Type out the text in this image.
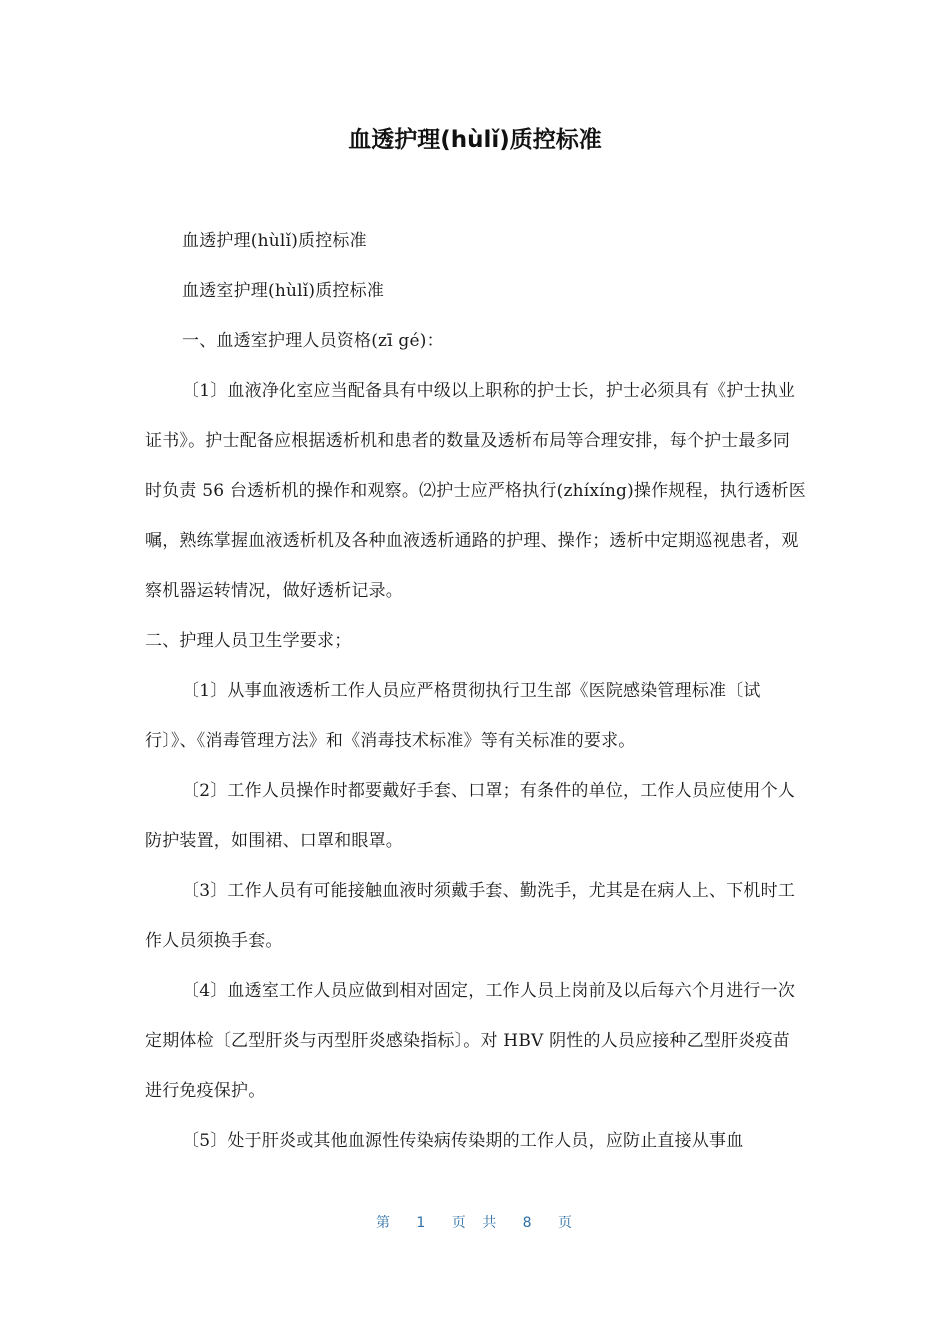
血透护理(hùlǐ)质控标准

血透护理(hùlǐ)质控标准

血透室护理(hùlǐ)质控标准

一、血透室护理人员资格(zī gé)：

〔1〕血液净化室应当配备具有中级以上职称的护士长，护士必须具有《护士执业证书》。护士配备应根据透析机和患者的数量及透析布局等合理安排，每个护士最多同时负责 56 台透析机的操作和观察。⑵护士应严格执行(zhíxíng)操作规程，执行透析医嘱，熟练掌握血液透析机及各种血液透析通路的护理、操作；透析中定期巡视患者，观察机器运转情况，做好透析记录。

二、护理人员卫生学要求；

〔1〕从事血液透析工作人员应严格贯彻执行卫生部《医院感染管理标准〔试行〕》、《消毒管理方法》和《消毒技术标准》等有关标准的要求。

〔2〕工作人员操作时都要戴好手套、口罩；有条件的单位，工作人员应使用个人防护装置，如围裙、口罩和眼罩。

〔3〕工作人员有可能接触血液时须戴手套、勤洗手，尤其是在病人上、下机时工作人员须换手套。

〔4〕血透室工作人员应做到相对固定，工作人员上岗前及以后每六个月进行一次定期体检〔乙型肝炎与丙型肝炎感染指标〕。对 HBV 阴性的人员应接种乙型肝炎疫苗进行免疫保护。

〔5〕处于肝炎或其他血源性传染病传染期的工作人员，应防止直接从事血

第 1 页 共 8 页
